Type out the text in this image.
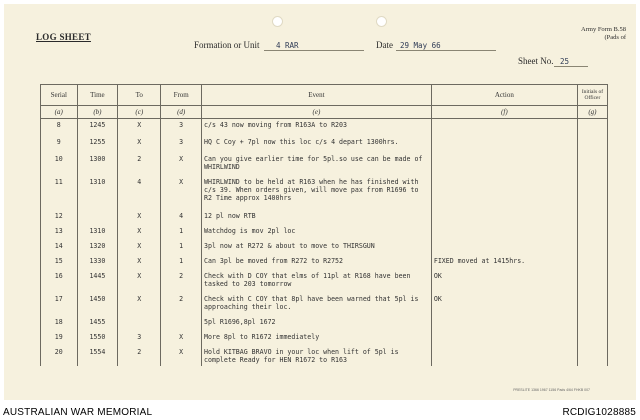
LOG SHEET
Army Form B.58
(Pads of
Formation or Unit 4 RAR	Date 29 May 66
Sheet No. 25
Serial	Time	To	From	Event	Action	Initials of Officer
(a)	(b)	(c)	(d)	(e)	(f)	(g)
8	1245	X	3	c/s 43 now moving from R163A to R203		
9	1255	X	3	HQ C Coy + 7pl now this loc c/s 4 depart 1300hrs.		
10	1300	2	X	Can you give earlier time for 5pl.so use can be made of WHIRLWIND		
11	1310	4	X	WHIRLWIND to be held at R163 when he has finished with c/s 39. When orders given, will move pax from R1696 to R2 Time approx 1400hrs		
12		X	4	12 pl now RTB		
13	1310	X	1	Watchdog is mov 2pl loc		
14	1320	X	1	3pl now at R272 & about to move to THIRSGUN		
15	1330	X	1	Can 3pl be moved from R272 to R2752	FIXED moved at 1415hrs.	
16	1445	X	2	Check with D COY that elms of 11pl at R168 have been tasked to 203 tomorrow	OK	
17	1450	X	2	Check with C COY that 8pl have been warned that 5pl is approaching their loc.	OK	
18	1455			5pl R1696,8pl 1672		
19	1550	3	X	More 8pl to R1672 immediately		
20	1554	2	X	Hold KITBAG BRAVO in your loc when lift of 5pl is complete Ready for HEN R1672 to R163		
PRESLITE 1366 1967 1156 Pads 4/64 FHKB 007
AUSTRALIAN WAR MEMORIAL	RCDIG1028885
